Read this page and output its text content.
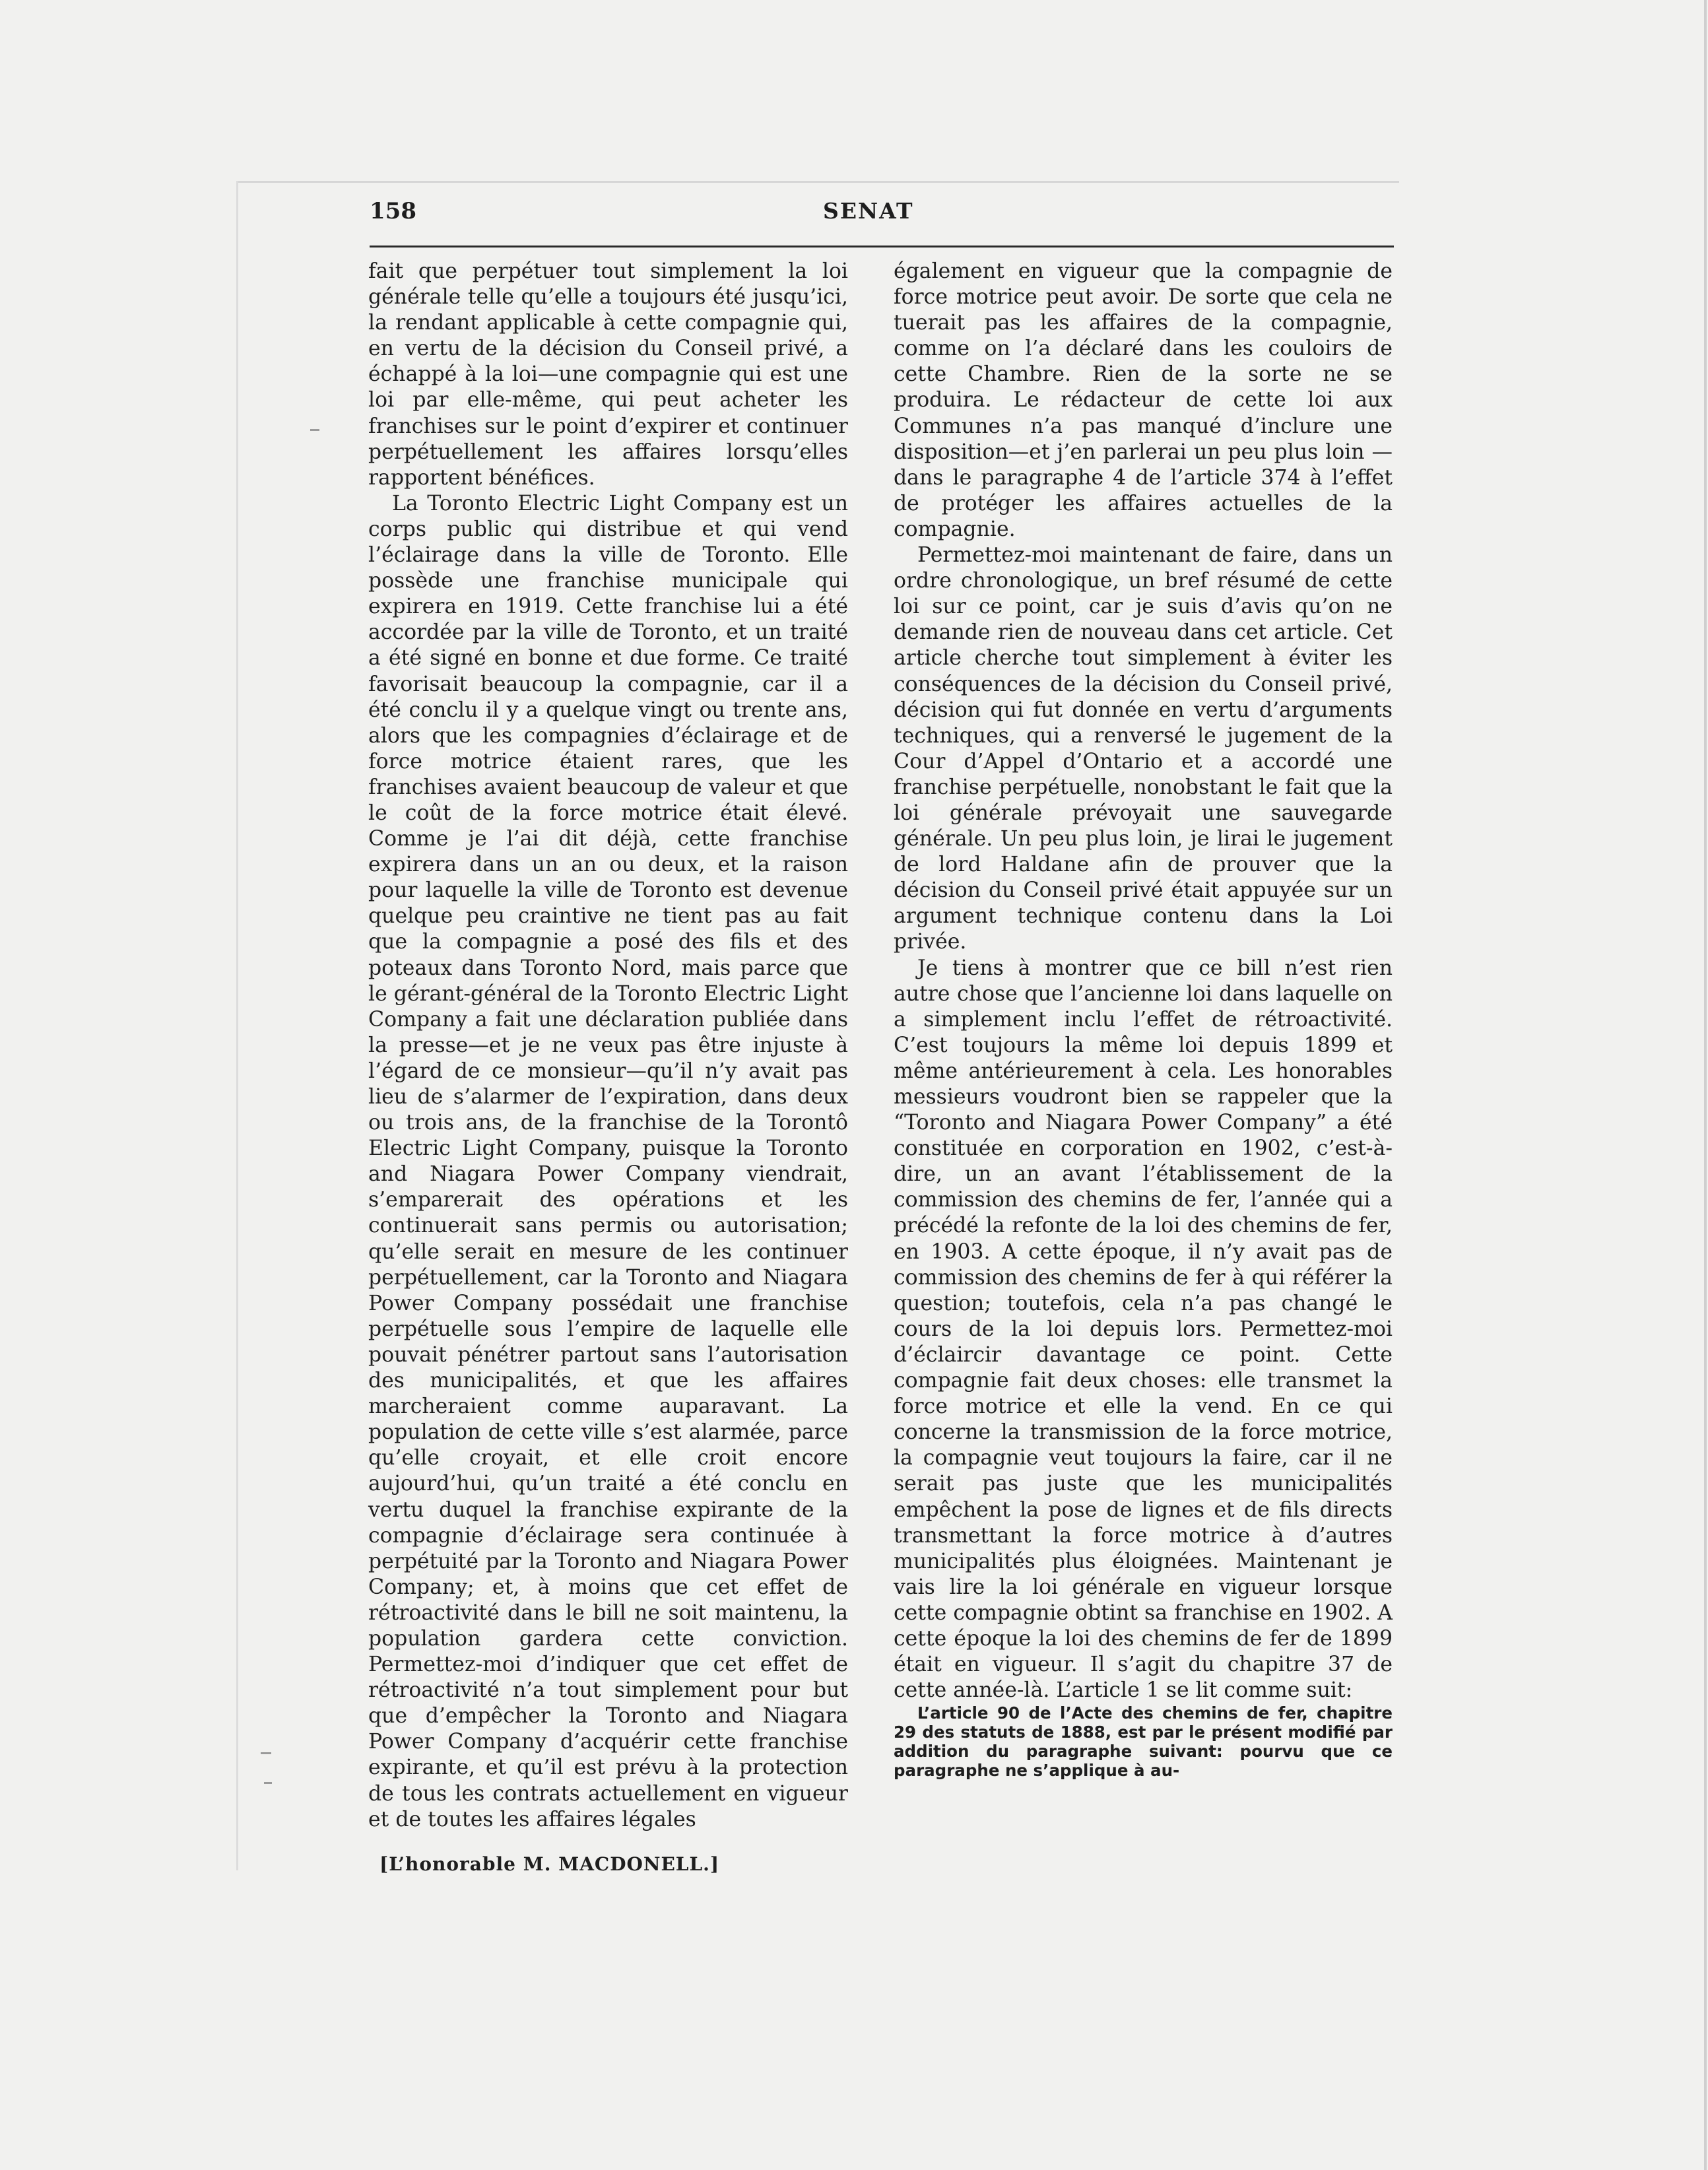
158	SENAT

fait que perpétuer tout simplement la loi générale telle qu’elle a toujours été jusqu’ici, la rendant applicable à cette compagnie qui, en vertu de la décision du Conseil privé, a échappé à la loi—une compagnie qui est une loi par elle-même, qui peut acheter les franchises sur le point d’expirer et continuer perpétuellement les affaires lorsqu’elles rapportent bénéfices.

La Toronto Electric Light Company est un corps public qui distribue et qui vend l’éclairage dans la ville de Toronto. Elle possède une franchise municipale qui expirera en 1919. Cette franchise lui a été accordée par la ville de Toronto, et un traité a été signé en bonne et due forme. Ce traité favorisait beaucoup la compagnie, car il a été conclu il y a quelque vingt ou trente ans, alors que les compagnies d’éclairage et de force motrice étaient rares, que les franchises avaient beaucoup de valeur et que le coût de la force motrice était élevé. Comme je l’ai dit déjà, cette franchise expirera dans un an ou deux, et la raison pour laquelle la ville de Toronto est devenue quelque peu craintive ne tient pas au fait que la compagnie a posé des fils et des poteaux dans Toronto Nord, mais parce que le gérant-général de la Toronto Electric Light Company a fait une déclaration publiée dans la presse—et je ne veux pas être injuste à l’égard de ce monsieur—qu’il n’y avait pas lieu de s’alarmer de l’expiration, dans deux ou trois ans, de la franchise de la Torontô Electric Light Company, puisque la Toronto and Niagara Power Company viendrait, s’emparerait des opérations et les continuerait sans permis ou autorisation; qu’elle serait en mesure de les continuer perpétuellement, car la Toronto and Niagara Power Company possédait une franchise perpétuelle sous l’empire de laquelle elle pouvait pénétrer partout sans l’autorisation des municipalités, et que les affaires marcheraient comme auparavant. La population de cette ville s’est alarmée, parce qu’elle croyait, et elle croit encore aujourd’hui, qu’un traité a été conclu en vertu duquel la franchise expirante de la compagnie d’éclairage sera continuée à perpétuité par la Toronto and Niagara Power Company; et, à moins que cet effet de rétroactivité dans le bill ne soit maintenu, la population gardera cette conviction. Permettez-moi d’indiquer que cet effet de rétroactivité n’a tout simplement pour but que d’empêcher la Toronto and Niagara Power Company d’acquérir cette franchise expirante, et qu’il est prévu à la protection de tous les contrats actuellement en vigueur et de toutes les affaires légales

[L’honorable M. MACDONELL.]

également en vigueur que la compagnie de force motrice peut avoir. De sorte que cela ne tuerait pas les affaires de la compagnie, comme on l’a déclaré dans les couloirs de cette Chambre. Rien de la sorte ne se produira. Le rédacteur de cette loi aux Communes n’a pas manqué d’inclure une disposition—et j’en parlerai un peu plus loin —dans le paragraphe 4 de l’article 374 à l’effet de protéger les affaires actuelles de la compagnie.

Permettez-moi maintenant de faire, dans un ordre chronologique, un bref résumé de cette loi sur ce point, car je suis d’avis qu’on ne demande rien de nouveau dans cet article. Cet article cherche tout simplement à éviter les conséquences de la décision du Conseil privé, décision qui fut donnée en vertu d’arguments techniques, qui a renversé le jugement de la Cour d’Appel d’Ontario et a accordé une franchise perpétuelle, nonobstant le fait que la loi générale prévoyait une sauvegarde générale. Un peu plus loin, je lirai le jugement de lord Haldane afin de prouver que la décision du Conseil privé était appuyée sur un argument technique contenu dans la Loi privée.

Je tiens à montrer que ce bill n’est rien autre chose que l’ancienne loi dans laquelle on a simplement inclu l’effet de rétroactivité. C’est toujours la même loi depuis 1899 et même antérieurement à cela. Les honorables messieurs voudront bien se rappeler que la “Toronto and Niagara Power Company” a été constituée en corporation en 1902, c’est-à-dire, un an avant l’établissement de la commission des chemins de fer, l’année qui a précédé la refonte de la loi des chemins de fer, en 1903. A cette époque, il n’y avait pas de commission des chemins de fer à qui référer la question; toutefois, cela n’a pas changé le cours de la loi depuis lors. Permettez-moi d’éclaircir davantage ce point. Cette compagnie fait deux choses: elle transmet la force motrice et elle la vend. En ce qui concerne la transmission de la force motrice, la compagnie veut toujours la faire, car il ne serait pas juste que les municipalités empêchent la pose de lignes et de fils directs transmettant la force motrice à d’autres municipalités plus éloignées. Maintenant je vais lire la loi générale en vigueur lorsque cette compagnie obtint sa franchise en 1902. A cette époque la loi des chemins de fer de 1899 était en vigueur. Il s’agit du chapitre 37 de cette année-là. L’article 1 se lit comme suit:

L’article 90 de l’Acte des chemins de fer, chapitre 29 des statuts de 1888, est par le présent modifié par addition du paragraphe suivant: pourvu que ce paragraphe ne s’applique à au-
